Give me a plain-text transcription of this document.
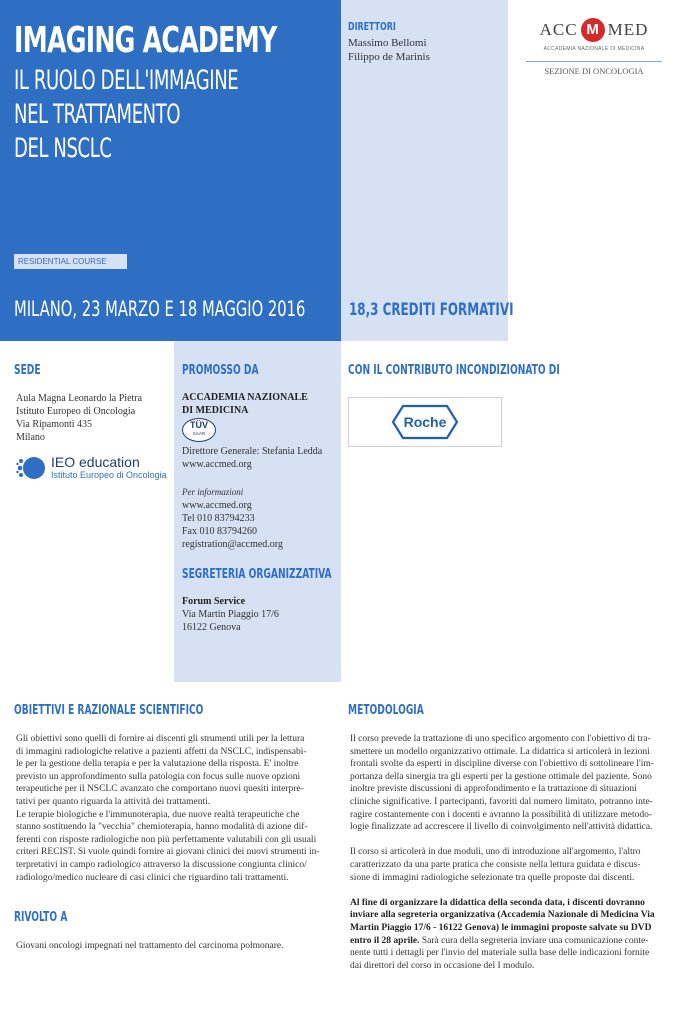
IMAGING ACADEMY
IL RUOLO DELL'IMMAGINE
NEL TRATTAMENTO
DEL NSCLC
RESIDENTIAL COURSE
MILANO, 23 MARZO E 18 MAGGIO 2016	18,3 CREDITI FORMATIVI
DIRETTORI
Massimo Bellomi
Filippo de Marinis
ACC M MED
ACCADEMIA NAZIONALE DI MEDICINA
SEZIONE DI ONCOLOGIA
SEDE
Aula Magna Leonardo la Pietra
Istituto Europeo di Oncologia
Via Ripamonti 435
Milano
IEO education
Istituto Europeo di Oncologia
PROMOSSO DA
ACCADEMIA NAZIONALE
DI MEDICINA
TÜV
SAAR
Direttore Generale: Stefania Ledda
www.accmed.org
Per informazioni
www.accmed.org
Tel 010 83794233
Fax 010 83794260
registration@accmed.org
SEGRETERIA ORGANIZZATIVA
Forum Service
Via Martin Piaggio 17/6
16122 Genova
CON IL CONTRIBUTO INCONDIZIONATO DI
Roche
OBIETTIVI E RAZIONALE SCIENTIFICO
Gli obiettivi sono quelli di fornire ai discenti gli strumenti utili per la lettura
di immagini radiologiche relative a pazienti affetti da NSCLC, indispensabi-
le per la gestione della terapia e per la valutazione della risposta. E' inoltre
previsto un approfondimento sulla patologia con focus sulle nuove opzioni
terapeutiche per il NSCLC avanzato che comportano nuovi quesiti interpre-
tativi per quanto riguarda la attività dei trattamenti.
Le terapie biologiche e l'immunoterapia, due nuove realtà terapeutiche che
stanno sostituendo la "vecchia" chemioterapia, hanno modalità di azione dif-
ferenti con risposte radiologiche non più perfettamente valutabili con gli usuali
criteri RECIST. Si vuole quindi fornire ai giovani clinici dei nuovi strumenti in-
terpretativi in campo radiologico attraverso la discussione congiunta clinico/
radiologo/medico nucleare di casi clinici che riguardino tali trattamenti.
RIVOLTO A
Giovani oncologi impegnati nel trattamento del carcinoma polmonare.
METODOLOGIA
Il corso prevede la trattazione di uno specifico argomento con l'obiettivo di tra-
smettere un modello organizzativo ottimale. La didattica si articolerà in lezioni
frontali svolte da esperti in discipline diverse con l'obiettivo di sottolineare l'im-
portanza della sinergia tra gli esperti per la gestione ottimale del paziente. Sono
inoltre previste discussioni di approfondimento e la trattazione di situazioni
cliniche significative. I partecipanti, favoriti dal numero limitato, potranno inte-
ragire costantemente con i docenti e avranno la possibilità di utilizzare metodo-
logie finalizzate ad accrescere il livello di coinvolgimento nell'attività didattica.
Il corso si articolerà in due moduli, uno di introduzione all'argomento, l'altro
caratterizzato da una parte pratica che consiste nella lettura guidata e discus-
sione di immagini radiologiche selezionate tra quelle proposte dai discenti.
Al fine di organizzare la didattica della seconda data, i discenti dovranno
inviare alla segreteria organizzativa (Accademia Nazionale di Medicina Via
Martin Piaggio 17/6 - 16122 Genova) le immagini proposte salvate su DVD
entro il 28 aprile. Sarà cura della segreteria inviare una comunicazione conte-
nente tutti i dettagli per l'invio del materiale sulla base delle indicazioni fornite
dai direttori del corso in occasione del I modulo.
